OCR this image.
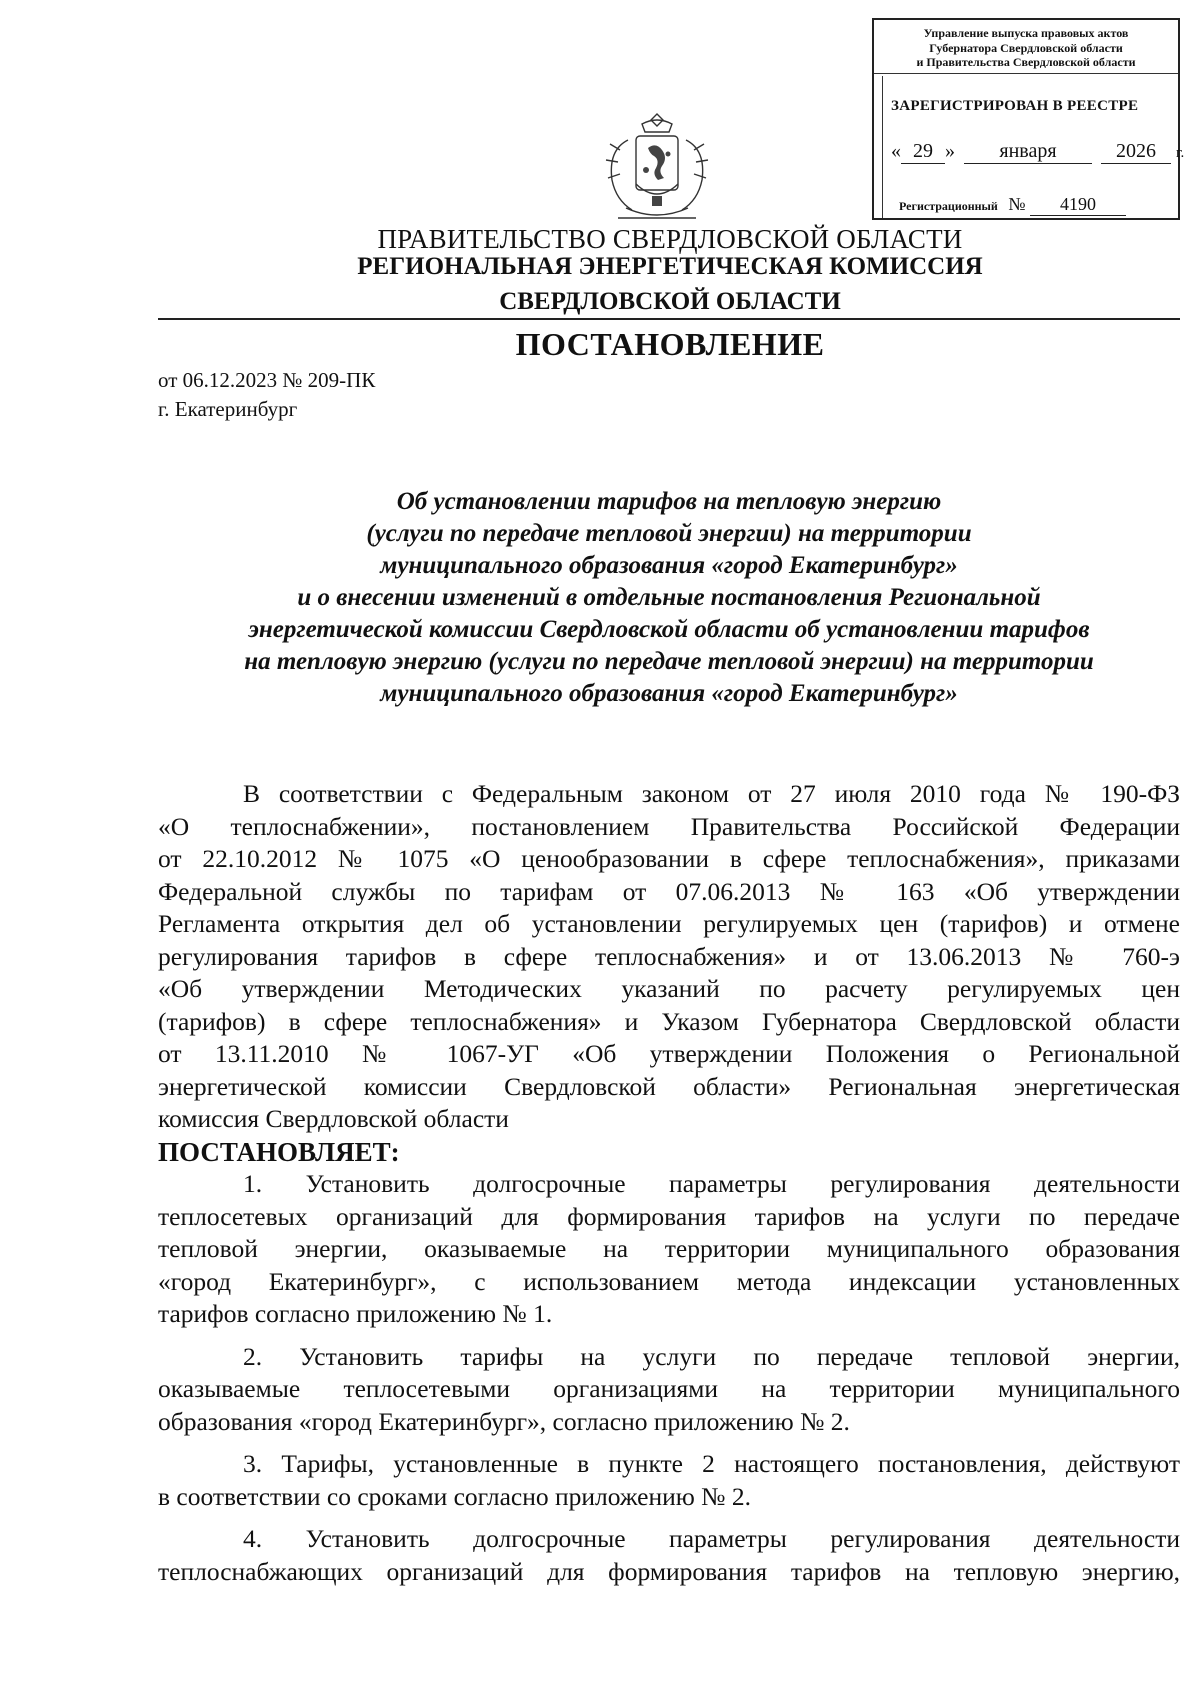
Управление выпуска правовых актов
Губернатора Свердловской области
и Правительства Свердловской области
ЗАРЕГИСТРИРОВАН В РЕЕСТРЕ
« 29 » января	2026 г.
Регистрационный № 4190
ПРАВИТЕЛЬСТВО СВЕРДЛОВСКОЙ ОБЛАСТИ
РЕГИОНАЛЬНАЯ ЭНЕРГЕТИЧЕСКАЯ КОМИССИЯ
СВЕРДЛОВСКОЙ ОБЛАСТИ
ПОСТАНОВЛЕНИЕ
от 06.12.2023 № 209-ПК
г. Екатеринбург
Об установлении тарифов на тепловую энергию
(услуги по передаче тепловой энергии) на территории
муниципального образования «город Екатеринбург»
и о внесении изменений в отдельные постановления Региональной
энергетической комиссии Свердловской области об установлении тарифов
на тепловую энергию (услуги по передаче тепловой энергии) на территории
муниципального образования «город Екатеринбург»
В соответствии с Федеральным законом от 27 июля 2010 года № 190-ФЗ
«О теплоснабжении», постановлением Правительства Российской Федерации
от 22.10.2012 № 1075 «О ценообразовании в сфере теплоснабжения», приказами
Федеральной службы по тарифам от 07.06.2013 № 163 «Об утверждении
Регламента открытия дел об установлении регулируемых цен (тарифов) и отмене
регулирования тарифов в сфере теплоснабжения» и от 13.06.2013 № 760-э
«Об утверждении Методических указаний по расчету регулируемых цен
(тарифов) в сфере теплоснабжения» и Указом Губернатора Свердловской области
от 13.11.2010 № 1067-УГ «Об утверждении Положения о Региональной
энергетической комиссии Свердловской области» Региональная энергетическая
комиссия Свердловской области
ПОСТАНОВЛЯЕТ:
1. Установить долгосрочные параметры регулирования деятельности
теплосетевых организаций для формирования тарифов на услуги по передаче
тепловой энергии, оказываемые на территории муниципального образования
«город Екатеринбург», с использованием метода индексации установленных
тарифов согласно приложению № 1.
2. Установить тарифы на услуги по передаче тепловой энергии,
оказываемые теплосетевыми организациями на территории муниципального
образования «город Екатеринбург», согласно приложению № 2.
3. Тарифы, установленные в пункте 2 настоящего постановления, действуют
в соответствии со сроками согласно приложению № 2.
4. Установить долгосрочные параметры регулирования деятельности
теплоснабжающих организаций для формирования тарифов на тепловую энергию,
